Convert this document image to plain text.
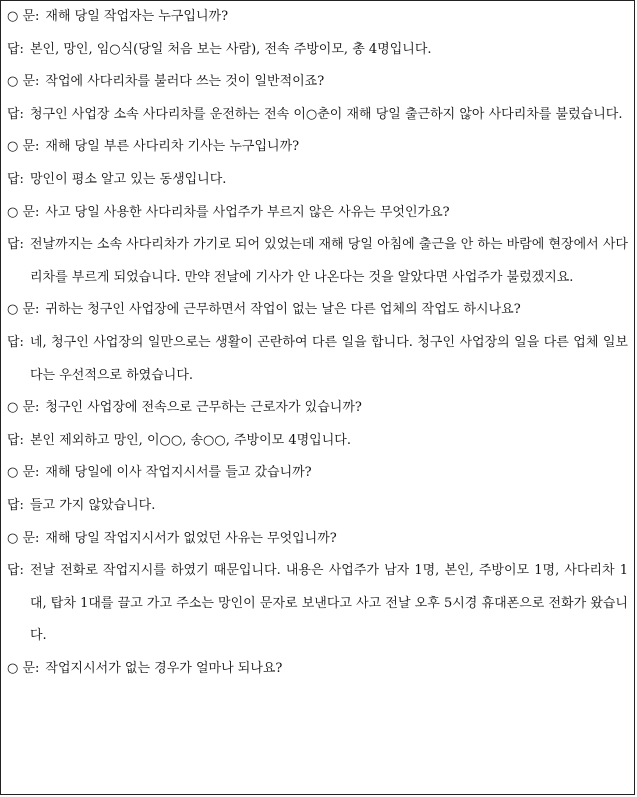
○ 문: 재해 당일 작업자는 누구입니까?
답: 본인, 망인, 임○식(당일 처음 보는 사람), 전속 주방이모, 총 4명입니다.
○ 문: 작업에 사다리차를 불러다 쓰는 것이 일반적이죠?
답: 청구인 사업장 소속 사다리차를 운전하는 전속 이○춘이 재해 당일 출근하지 않아 사다리차를 불렀습니다.
○ 문: 재해 당일 부른 사다리차 기사는 누구입니까?
답: 망인이 평소 알고 있는 동생입니다.
○ 문: 사고 당일 사용한 사다리차를 사업주가 부르지 않은 사유는 무엇인가요?
답: 전날까지는 소속 사다리차가 가기로 되어 있었는데 재해 당일 아침에 출근을 안 하는 바람에 현장에서 사다리차를 부르게 되었습니다. 만약 전날에 기사가 안 나온다는 것을 알았다면 사업주가 불렀겠지요.
○ 문: 귀하는 청구인 사업장에 근무하면서 작업이 없는 날은 다른 업체의 작업도 하시나요?
답: 네, 청구인 사업장의 일만으로는 생활이 곤란하여 다른 일을 합니다. 청구인 사업장의 일을 다른 업체 일보다는 우선적으로 하였습니다.
○ 문: 청구인 사업장에 전속으로 근무하는 근로자가 있습니까?
답: 본인 제외하고 망인, 이○○, 송○○, 주방이모 4명입니다.
○ 문: 재해 당일에 이사 작업지시서를 들고 갔습니까?
답: 들고 가지 않았습니다.
○ 문: 재해 당일 작업지시서가 없었던 사유는 무엇입니까?
답: 전날 전화로 작업지시를 하였기 때문입니다. 내용은 사업주가 남자 1명, 본인, 주방이모 1명, 사다리차 1대, 탑차 1대를 끌고 가고 주소는 망인이 문자로 보낸다고 사고 전날 오후 5시경 휴대폰으로 전화가 왔습니다.
○ 문: 작업지시서가 없는 경우가 얼마나 되나요?
